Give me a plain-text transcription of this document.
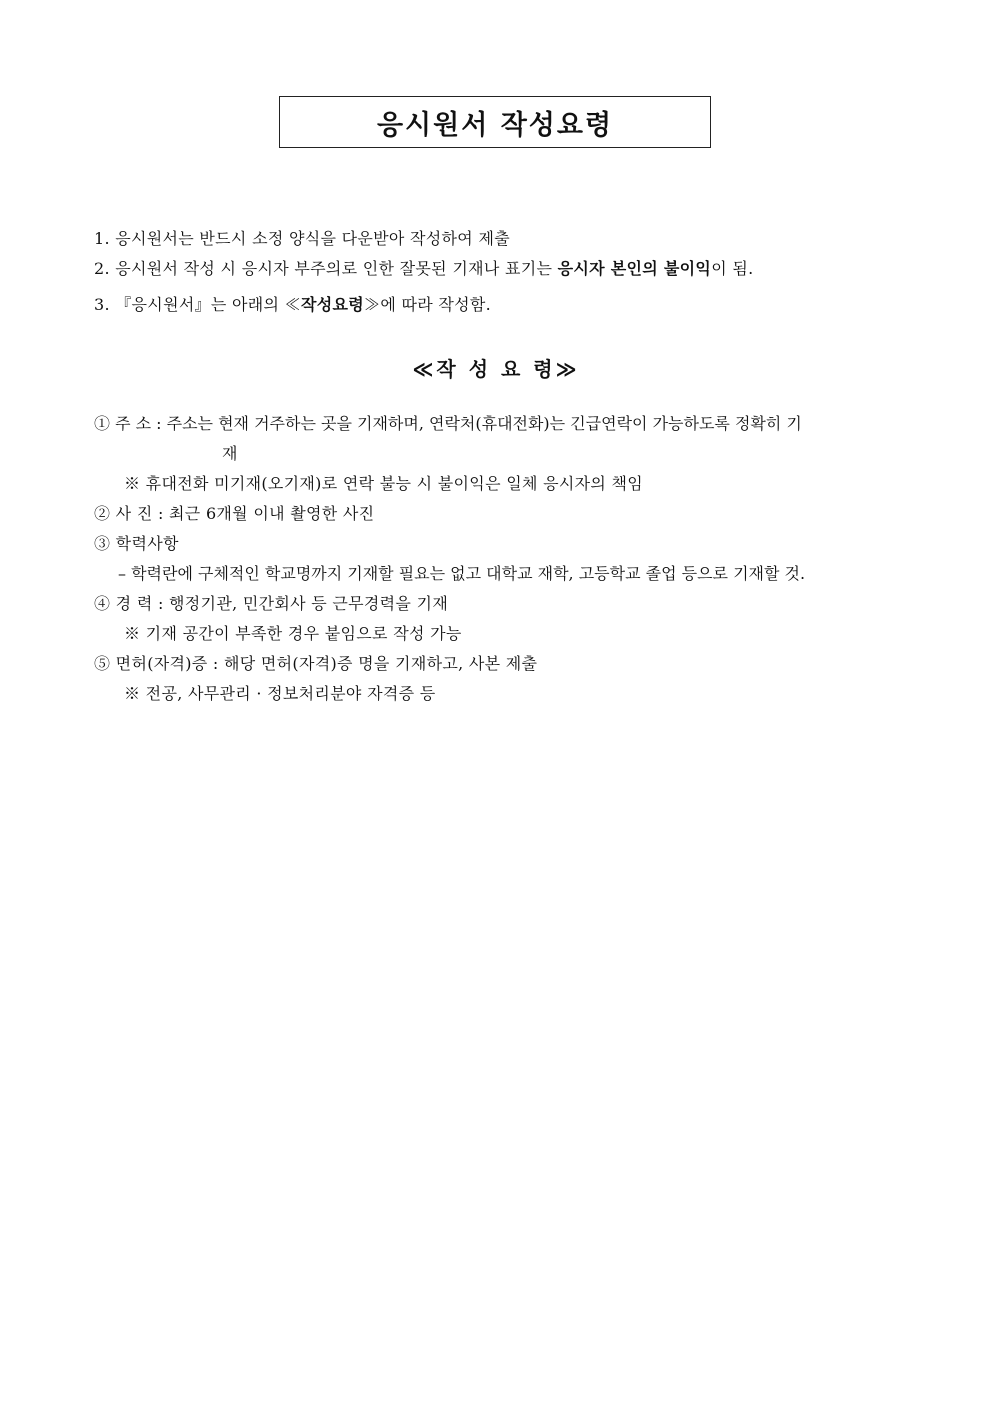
응시원서 작성요령
1. 응시원서는 반드시 소정 양식을 다운받아 작성하여 제출
2. 응시원서 작성 시 응시자 부주의로 인한 잘못된 기재나 표기는 응시자 본인의 불이익이 됨.
3. 『응시원서』는 아래의 ≪작성요령≫에 따라 작성함.
≪작 성 요 령≫
① 주 소 : 주소는 현재 거주하는 곳을 기재하며, 연락처(휴대전화)는 긴급연락이 가능하도록 정확히 기
재
※ 휴대전화 미기재(오기재)로 연락 불능 시 불이익은 일체 응시자의 책임
② 사 진 : 최근 6개월 이내 촬영한 사진
③ 학력사항
– 학력란에 구체적인 학교명까지 기재할 필요는 없고 대학교 재학, 고등학교 졸업 등으로 기재할 것.
④ 경 력 : 행정기관, 민간회사 등 근무경력을 기재
※ 기재 공간이 부족한 경우 붙임으로 작성 가능
⑤ 면허(자격)증 : 해당 면허(자격)증 명을 기재하고, 사본 제출
※ 전공, 사무관리 · 정보처리분야 자격증 등
